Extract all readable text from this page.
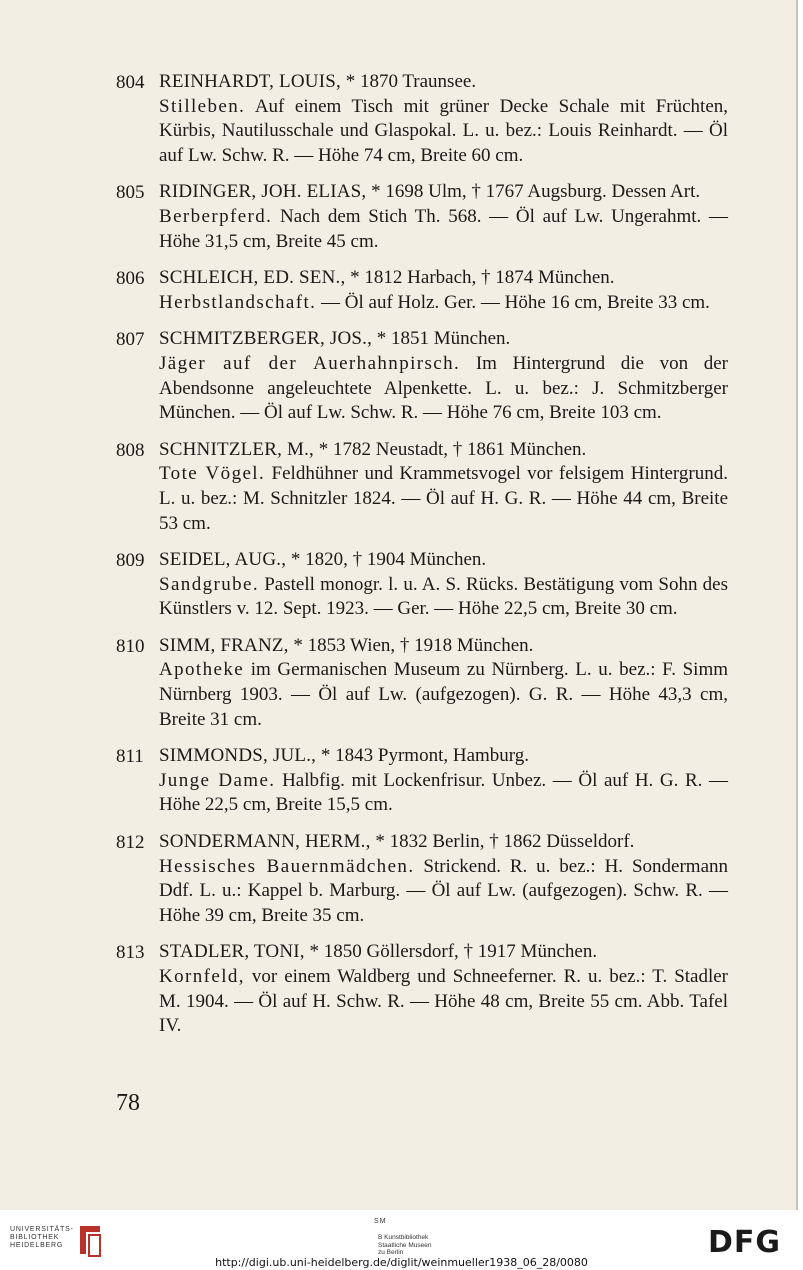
804 REINHARDT, LOUIS, * 1870 Traunsee.
Stilleben. Auf einem Tisch mit grüner Decke Schale mit Früchten, Kürbis, Nautilusschale und Glaspokal. L. u. bez.: Louis Reinhardt. — Öl auf Lw. Schw. R. — Höhe 74 cm, Breite 60 cm.
805 RIDINGER, JOH. ELIAS, * 1698 Ulm, † 1767 Augsburg. Dessen Art.
Berberpferd. Nach dem Stich Th. 568. — Öl auf Lw. Ungerahmt. — Höhe 31,5 cm, Breite 45 cm.
806 SCHLEICH, ED. SEN., * 1812 Harbach, † 1874 München.
Herbstlandschaft. — Öl auf Holz. Ger. — Höhe 16 cm, Breite 33 cm.
807 SCHMITZBERGER, JOS., * 1851 München.
Jäger auf der Auerhahnpirsch. Im Hintergrund die von der Abendsonne angeleuchtete Alpenkette. L. u. bez.: J. Schmitzberger München. — Öl auf Lw. Schw. R. — Höhe 76 cm, Breite 103 cm.
808 SCHNITZLER, M., * 1782 Neustadt, † 1861 München.
Tote Vögel. Feldhühner und Krammetsvogel vor felsigem Hintergrund. L. u. bez.: M. Schnitzler 1824. — Öl auf H. G. R. — Höhe 44 cm, Breite 53 cm.
809 SEIDEL, AUG., * 1820, † 1904 München.
Sandgrube. Pastell monogr. l. u. A. S. Rücks. Bestätigung vom Sohn des Künstlers v. 12. Sept. 1923. — Ger. — Höhe 22,5 cm, Breite 30 cm.
810 SIMM, FRANZ, * 1853 Wien, † 1918 München.
Apotheke im Germanischen Museum zu Nürnberg. L. u. bez.: F. Simm Nürnberg 1903. — Öl auf Lw. (aufgezogen). G. R. — Höhe 43,3 cm, Breite 31 cm.
811 SIMMONDS, JUL., * 1843 Pyrmont, Hamburg.
Junge Dame. Halbfig. mit Lockenfrisur. Unbez. — Öl auf H. G. R. — Höhe 22,5 cm, Breite 15,5 cm.
812 SONDERMANN, HERM., * 1832 Berlin, † 1862 Düsseldorf.
Hessisches Bauernmädchen. Strickend. R. u. bez.: H. Sondermann Ddf. L. u.: Kappel b. Marburg. — Öl auf Lw. (aufgezogen). Schw. R. — Höhe 39 cm, Breite 35 cm.
813 STADLER, TONI, * 1850 Göllersdorf, † 1917 München.
Kornfeld, vor einem Waldberg und Schneeferner. R. u. bez.: T. Stadler M. 1904. — Öl auf H. Schw. R. — Höhe 48 cm, Breite 55 cm. Abb. Tafel IV.
78
UNIVERSITÄTS-
BIBLIOTHEK
HEIDELBERG
SM
B Kunstbibliothek
Staatliche Museen
zu Berlin	DFG
http://digi.ub.uni-heidelberg.de/diglit/weinmueller1938_06_28/0080
